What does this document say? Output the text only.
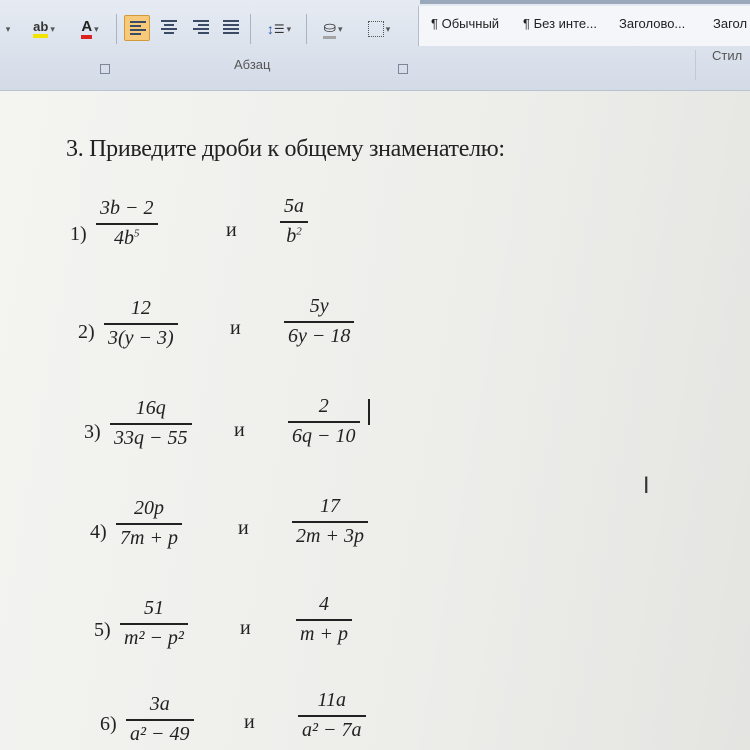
▾ ab ▾ A ▾	↕ ☰ ▾ ⛀ ▾	▾
Абзац
¶ Обычный ¶ Без инте... Заголово... Загол
Стил
3. Приведите дроби к общему знаменателю:
1)
3b − 2
$4b^5$	и
5a
$b^2$
2)
12
3(y − 3)	и
5y
6y − 18
3)
16q
33q − 55 и
2
6q − 10
4)
20p
7m + p	и
17
2m + 3p
5)
51
m² − p²	и
4
m + p
6)
3a
a² − 49
и
11a
a² − 7a
I
